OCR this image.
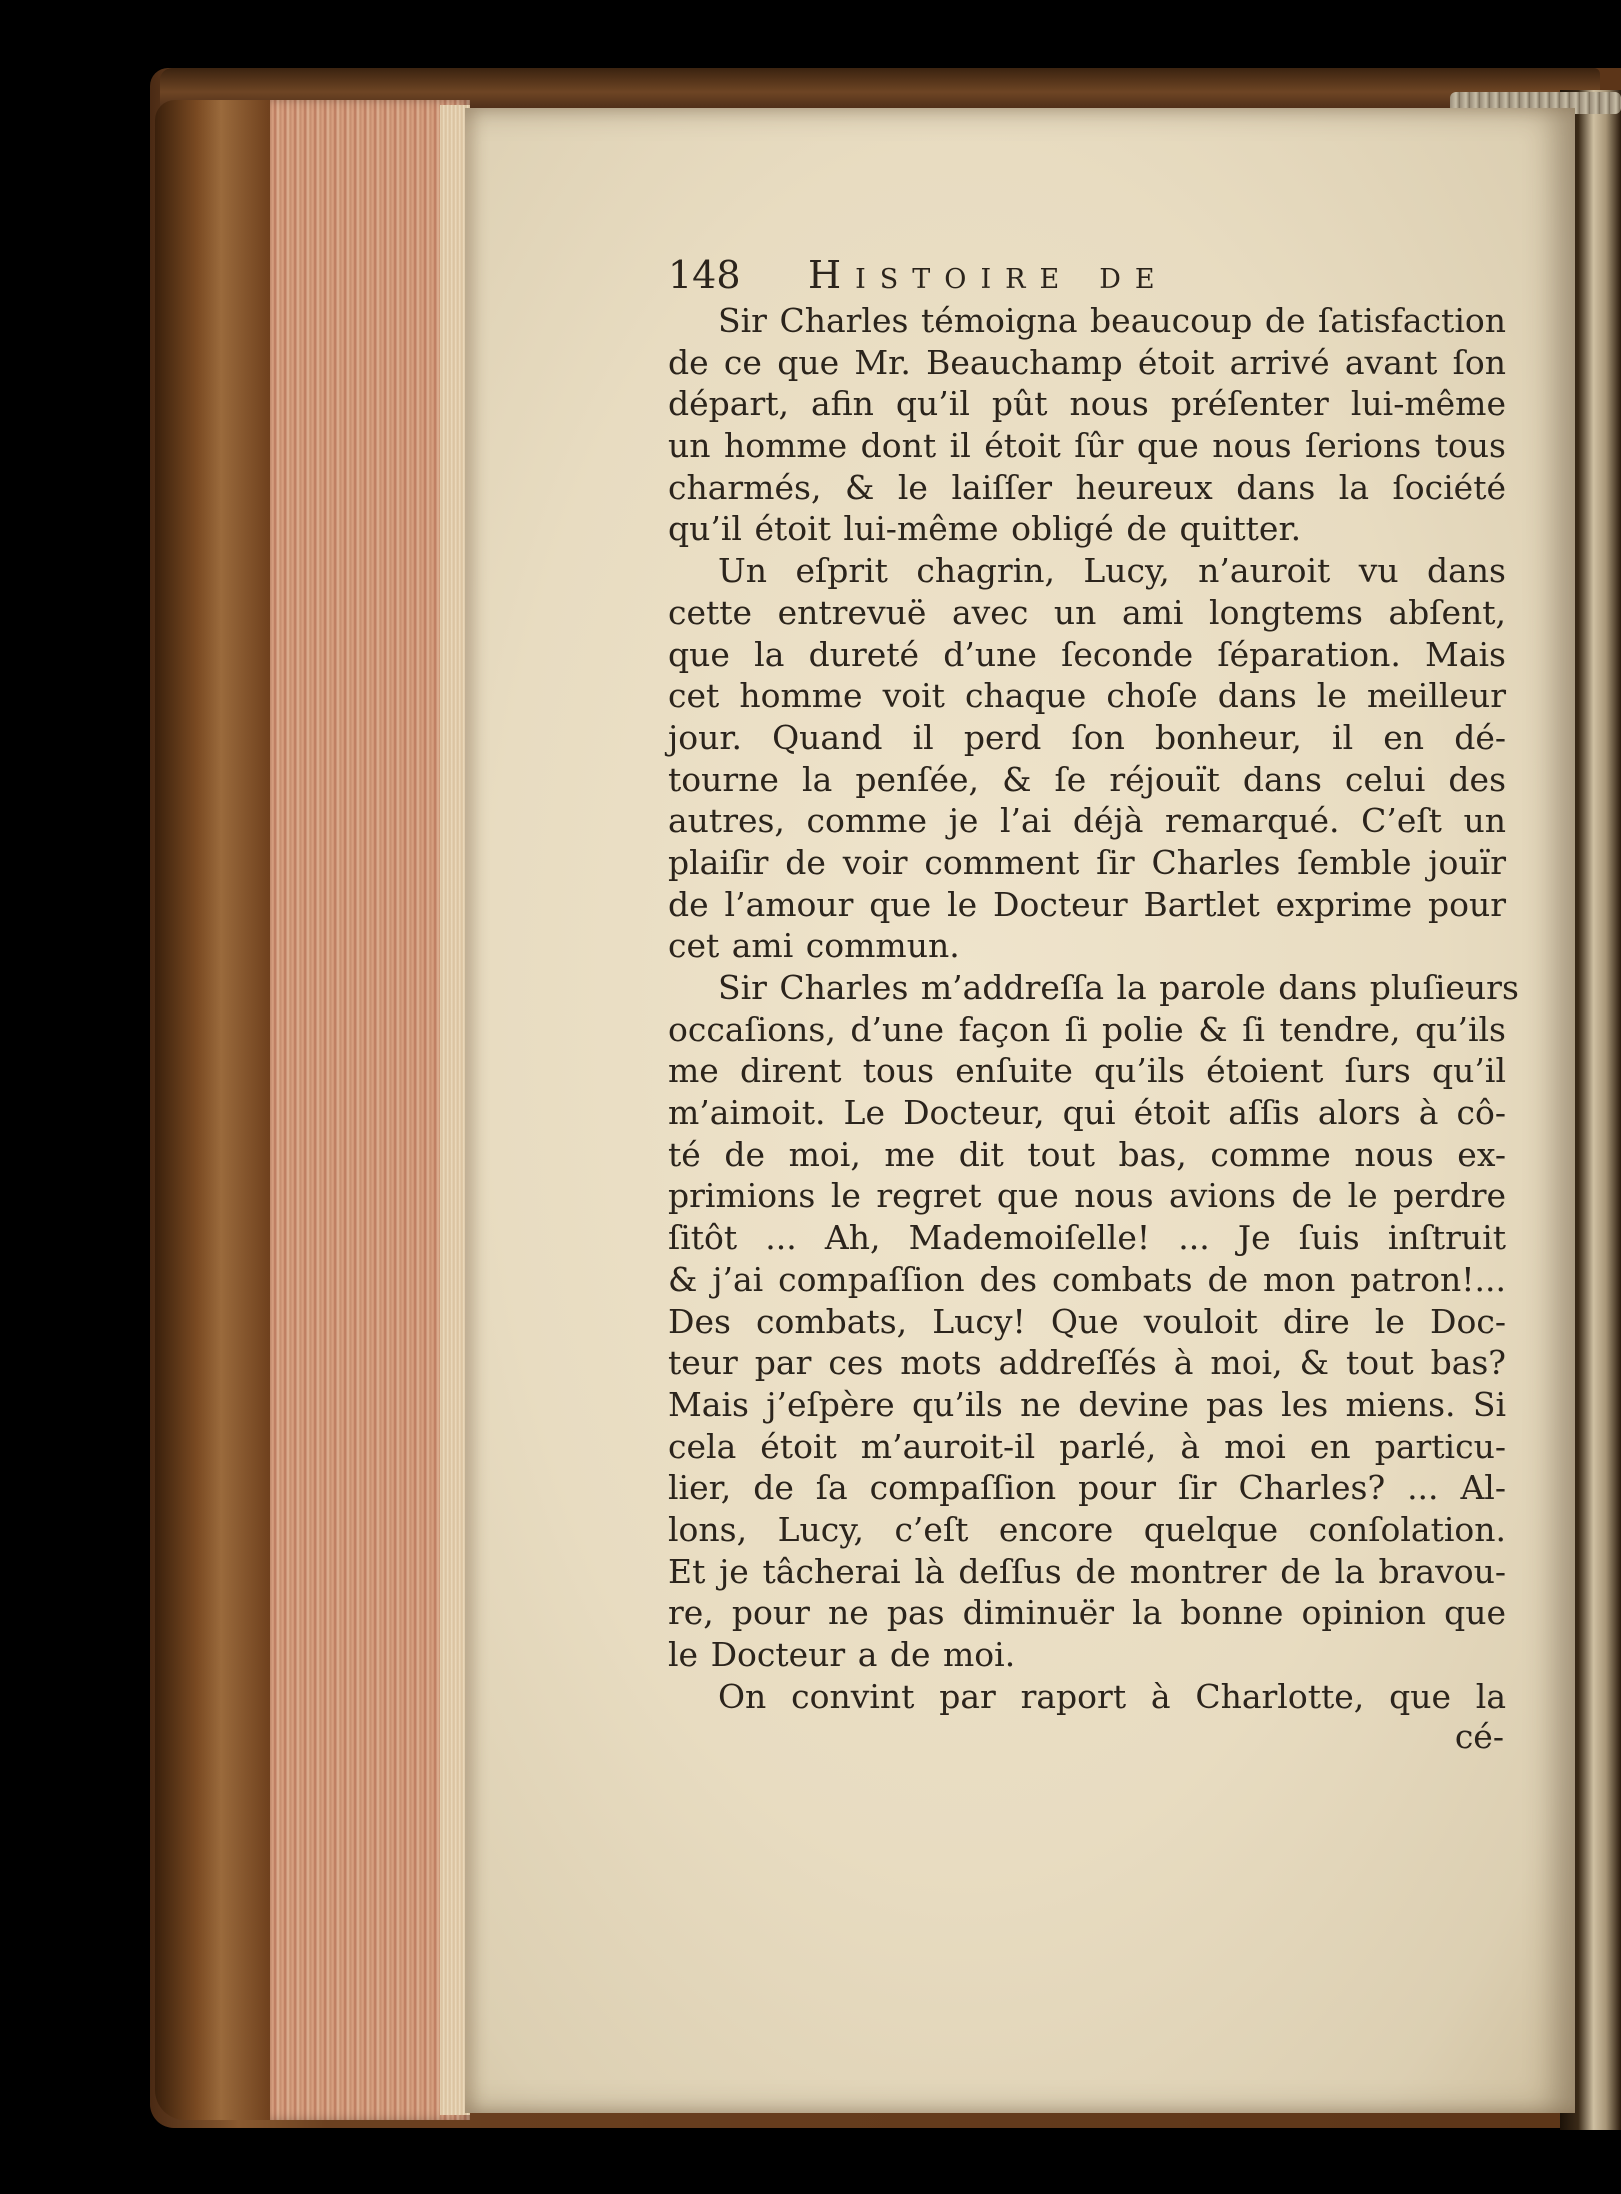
148 Histoire de
Sir Charles témoigna beaucoup de ſatisfaction
de ce que Mr. Beauchamp étoit arrivé avant ſon
départ, afin qu’il pût nous préſenter lui-même
un homme dont il étoit ſûr que nous ſerions tous
charmés, & le laiſſer heureux dans la ſociété
qu’il étoit lui-même obligé de quitter.
Un eſprit chagrin, Lucy, n’auroit vu dans
cette entrevuë avec un ami longtems abſent,
que la dureté d’une ſeconde ſéparation. Mais
cet homme voit chaque choſe dans le meilleur
jour. Quand il perd ſon bonheur, il en dé-
tourne la penſée, & ſe réjouït dans celui des
autres, comme je l’ai déjà remarqué. C’eſt un
plaiſir de voir comment ſir Charles ſemble jouïr
de l’amour que le Docteur Bartlet exprime pour
cet ami commun.
Sir Charles m’addreſſa la parole dans pluſieurs
occaſions, d’une façon ſi polie & ſi tendre, qu’ils
me dirent tous enſuite qu’ils étoient ſurs qu’il
m’aimoit. Le Docteur, qui étoit aſſis alors à cô-
té de moi, me dit tout bas, comme nous ex-
primions le regret que nous avions de le perdre
ſitôt ... Ah, Mademoiſelle! ... Je ſuis inſtruit
& j’ai compaſſion des combats de mon patron!...
Des combats, Lucy! Que vouloit dire le Doc-
teur par ces mots addreſſés à moi, & tout bas?
Mais j’eſpère qu’ils ne devine pas les miens. Si
cela étoit m’auroit-il parlé, à moi en particu-
lier, de ſa compaſſion pour ſir Charles? ... Al-
lons, Lucy, c’eſt encore quelque conſolation.
Et je tâcherai là deſſus de montrer de la bravou-
re, pour ne pas diminuër la bonne opinion que
le Docteur a de moi.
On convint par raport à Charlotte, que la
cé-
